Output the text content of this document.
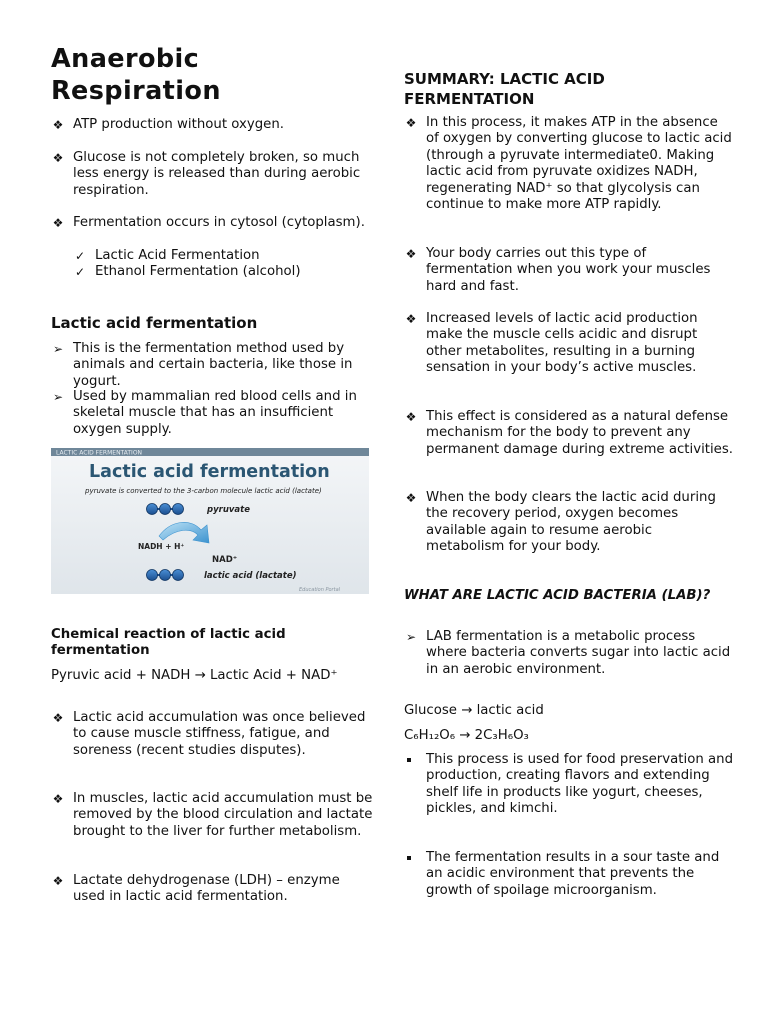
Anaerobic
Respiration
❖ ATP production without oxygen.
❖ Glucose is not completely broken, so much less energy is released than during aerobic respiration.
❖ Fermentation occurs in cytosol (cytoplasm).
✓ Lactic Acid Fermentation
✓ Ethanol Fermentation (alcohol)
Lactic acid fermentation
➢ This is the fermentation method used by animals and certain bacteria, like those in yogurt.
➢ Used by mammalian red blood cells and in skeletal muscle that has an insufficient oxygen supply.
Chemical reaction of lactic acid fermentation
Pyruvic acid + NADH → Lactic Acid + NAD⁺
❖ Lactic acid accumulation was once believed to cause muscle stiffness, fatigue, and soreness (recent studies disputes).
❖ In muscles, lactic acid accumulation must be removed by the blood circulation and lactate brought to the liver for further metabolism.
❖ Lactate dehydrogenase (LDH) – enzyme used in lactic acid fermentation.
LACTIC ACID FERMENTATION
Lactic acid fermentation
pyruvate is converted to the 3-carbon molecule lactic acid (lactate)
pyruvate
NADH + H⁺
NAD⁺
lactic acid (lactate)
Education Portal
SUMMARY: LACTIC ACID FERMENTATION
❖ In this process, it makes ATP in the absence of oxygen by converting glucose to lactic acid (through a pyruvate intermediate0. Making lactic acid from pyruvate oxidizes NADH, regenerating NAD⁺ so that glycolysis can continue to make more ATP rapidly.
❖ Your body carries out this type of fermentation when you work your muscles hard and fast.
❖ Increased levels of lactic acid production make the muscle cells acidic and disrupt other metabolites, resulting in a burning sensation in your body’s active muscles.
❖ This effect is considered as a natural defense mechanism for the body to prevent any permanent damage during extreme activities.
❖ When the body clears the lactic acid during the recovery period, oxygen becomes available again to resume aerobic metabolism for your body.
WHAT ARE LACTIC ACID BACTERIA (LAB)?
➢ LAB fermentation is a metabolic process where bacteria converts sugar into lactic acid in an aerobic environment.
Glucose → lactic acid
C₆H₁₂O₆ → 2C₃H₆O₃
This process is used for food preservation and production, creating flavors and extending shelf life in products like yogurt, cheeses, pickles, and kimchi.
The fermentation results in a sour taste and an acidic environment that prevents the growth of spoilage microorganism.
